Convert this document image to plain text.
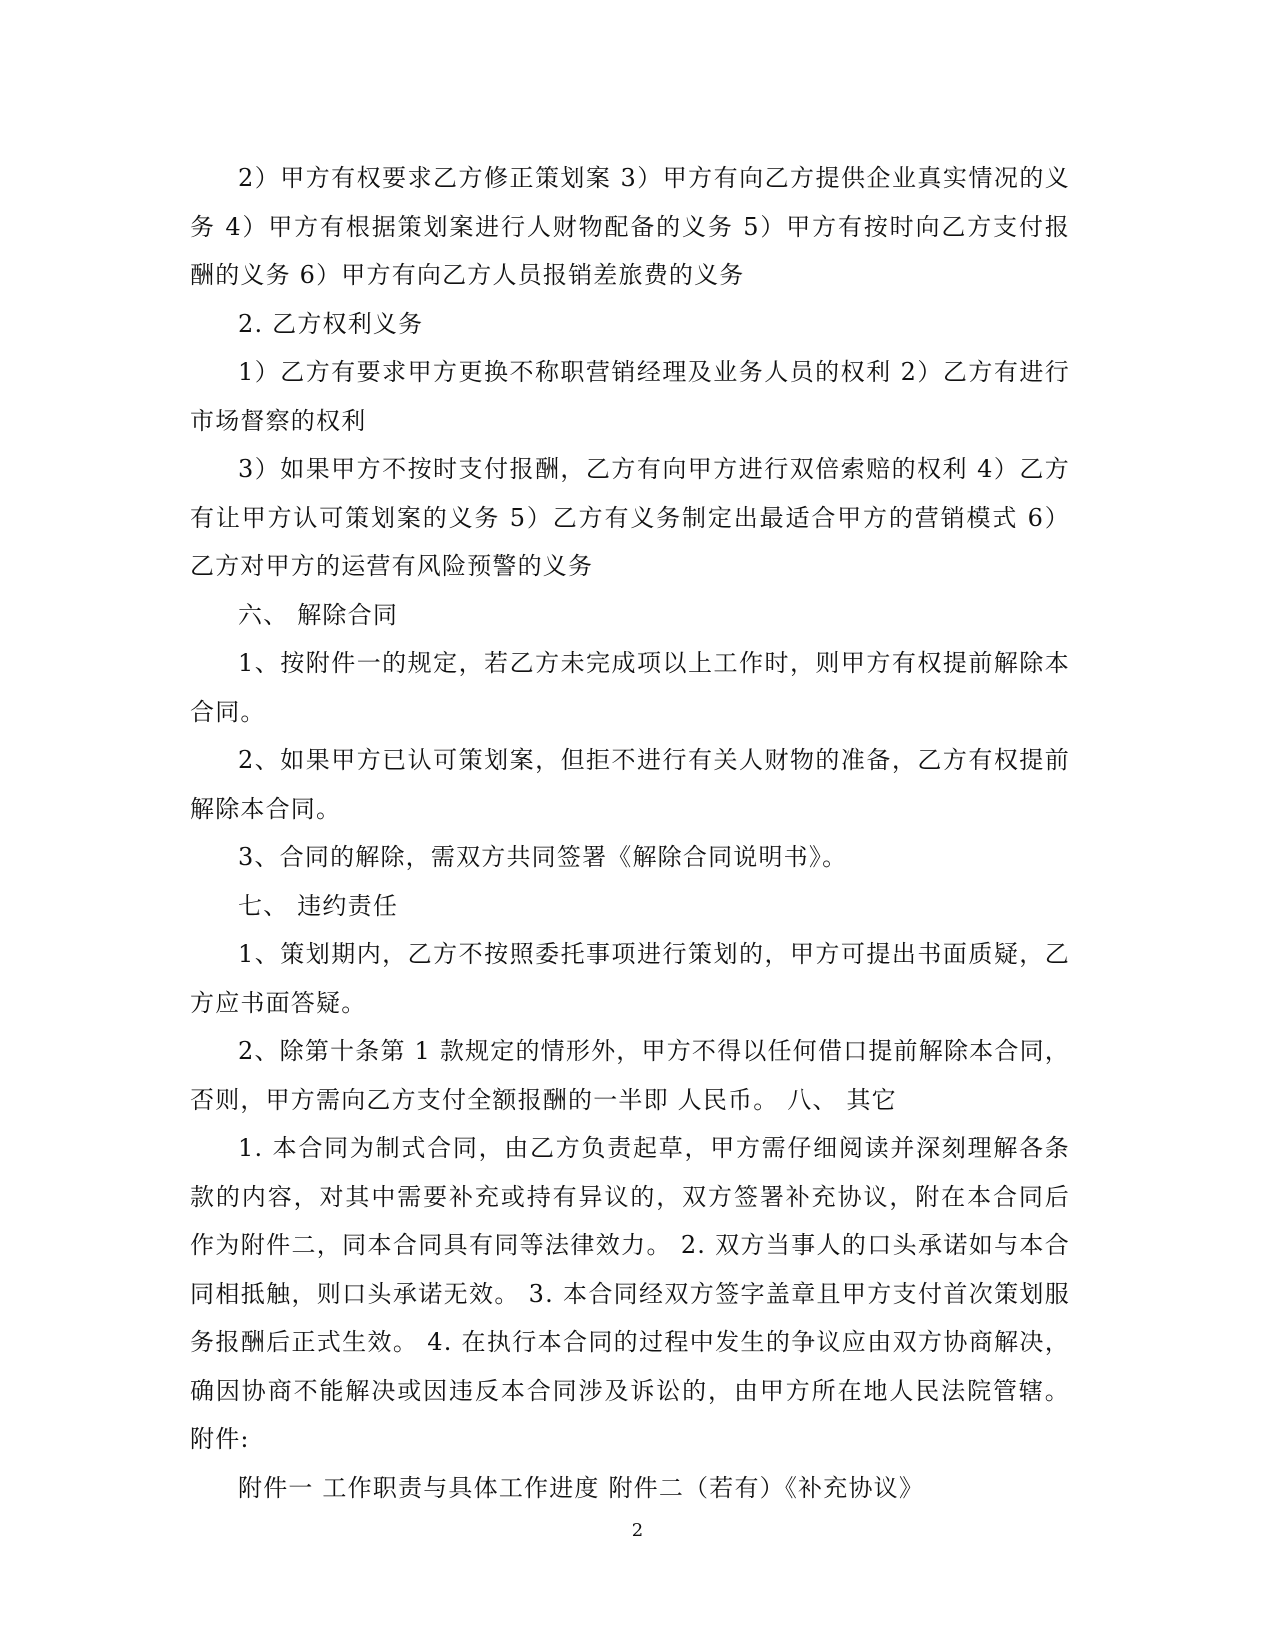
2）甲方有权要求乙方修正策划案 3）甲方有向乙方提供企业真实情况的义务 4）甲方有根据策划案进行人财物配备的义务 5）甲方有按时向乙方支付报酬的义务 6）甲方有向乙方人员报销差旅费的义务

2. 乙方权利义务

1）乙方有要求甲方更换不称职营销经理及业务人员的权利 2）乙方有进行市场督察的权利

3）如果甲方不按时支付报酬，乙方有向甲方进行双倍索赔的权利 4）乙方有让甲方认可策划案的义务 5）乙方有义务制定出最适合甲方的营销模式 6）乙方对甲方的运营有风险预警的义务

六、 解除合同

1、按附件一的规定，若乙方未完成项以上工作时，则甲方有权提前解除本合同。

2、如果甲方已认可策划案，但拒不进行有关人财物的准备，乙方有权提前解除本合同。

3、合同的解除，需双方共同签署《解除合同说明书》。

七、 违约责任

1、策划期内，乙方不按照委托事项进行策划的，甲方可提出书面质疑，乙方应书面答疑。

2、除第十条第 1 款规定的情形外，甲方不得以任何借口提前解除本合同，否则，甲方需向乙方支付全额报酬的一半即 人民币。 八、 其它

1. 本合同为制式合同，由乙方负责起草，甲方需仔细阅读并深刻理解各条款的内容，对其中需要补充或持有异议的，双方签署补充协议，附在本合同后作为附件二，同本合同具有同等法律效力。 2. 双方当事人的口头承诺如与本合同相抵触，则口头承诺无效。 3. 本合同经双方签字盖章且甲方支付首次策划服务报酬后正式生效。 4. 在执行本合同的过程中发生的争议应由双方协商解决，确因协商不能解决或因违反本合同涉及诉讼的，由甲方所在地人民法院管辖。 附件:

附件一 工作职责与具体工作进度 附件二（若有）《补充协议》

2
